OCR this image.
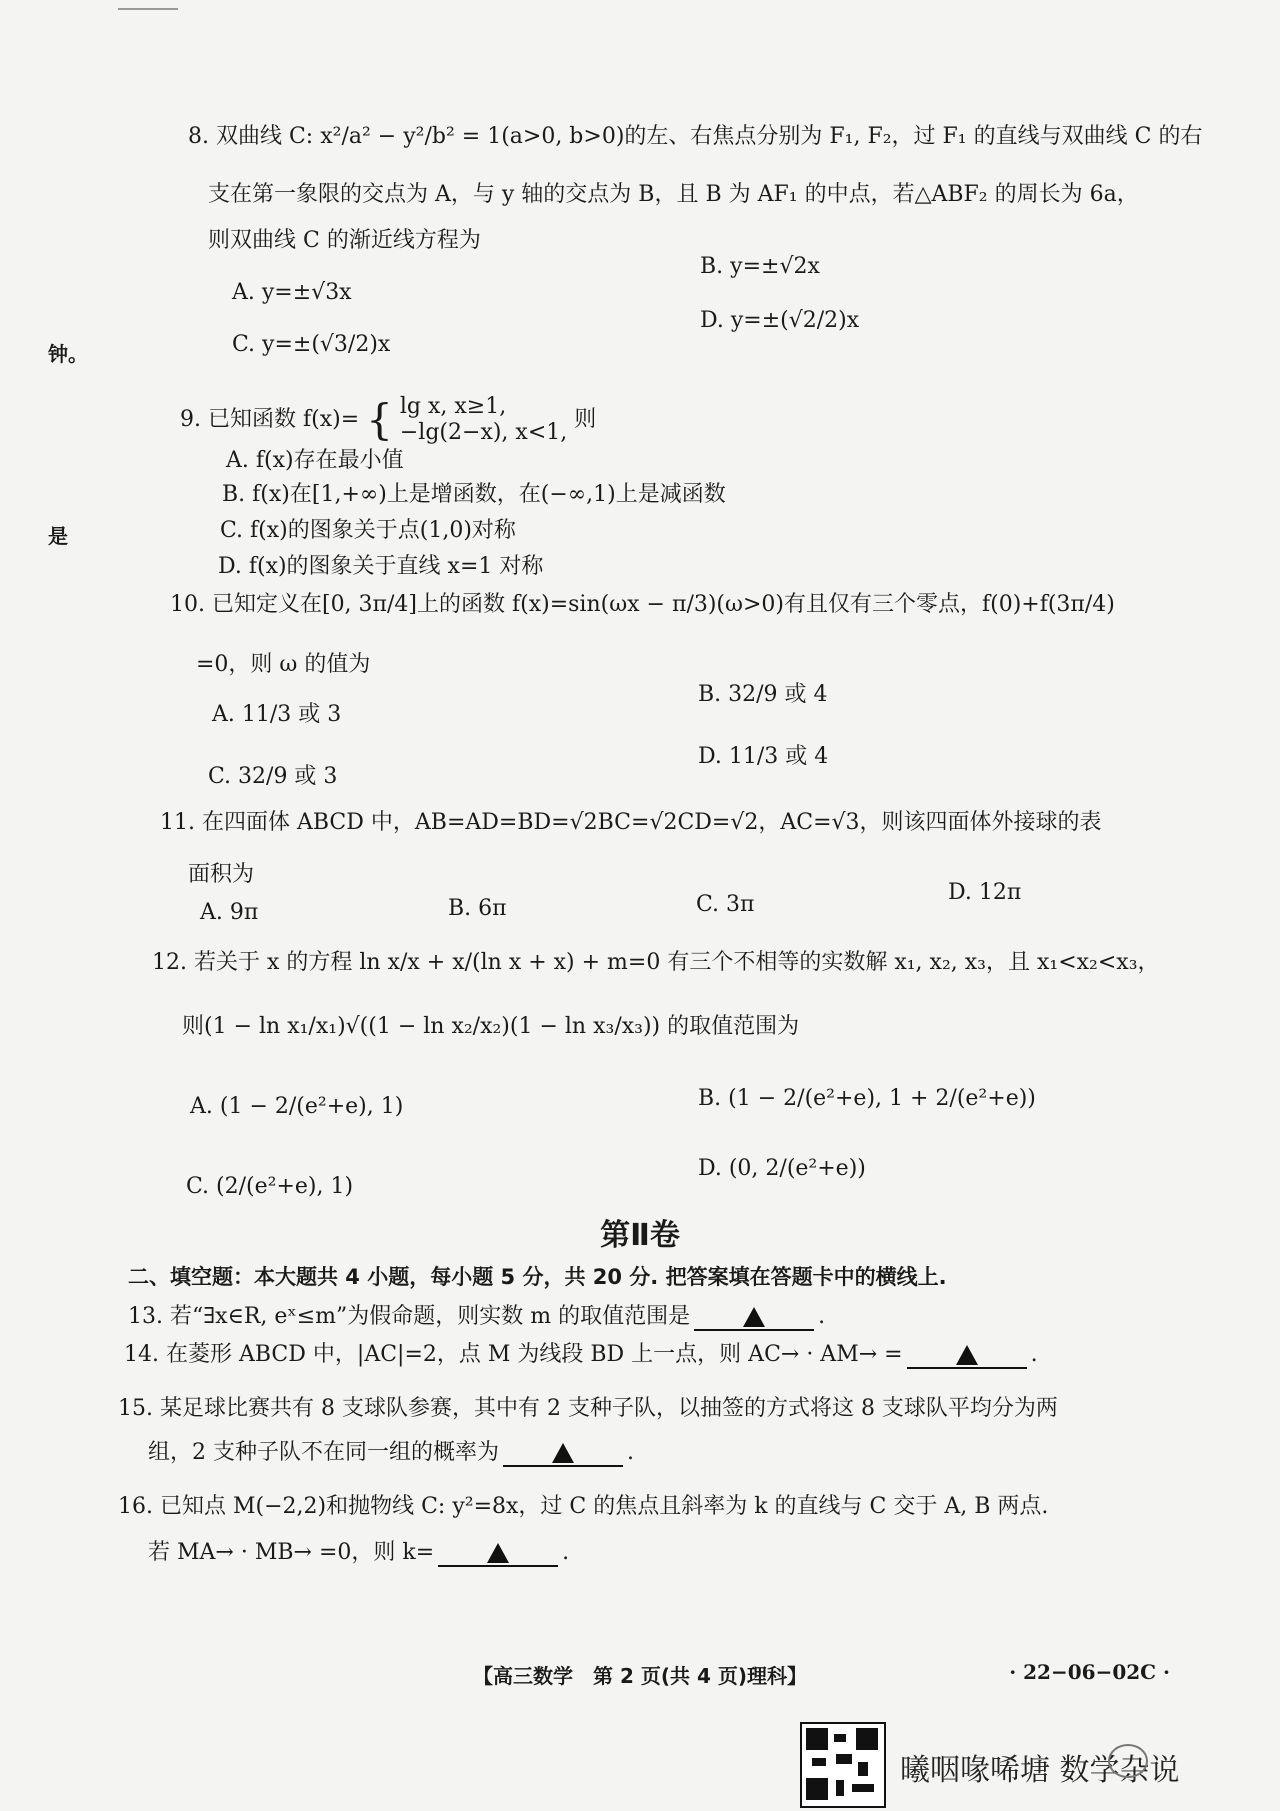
钟。
是
8. 双曲线 C: x²/a² − y²/b² = 1(a>0, b>0)的左、右焦点分别为 F₁, F₂，过 F₁ 的直线与双曲线 C 的右
支在第一象限的交点为 A，与 y 轴的交点为 B，且 B 为 AF₁ 的中点，若△ABF₂ 的周长为 6a，
则双曲线 C 的渐近线方程为
A. y=±√3x
B. y=±√2x
C. y=±(√3/2)x
D. y=±(√2/2)x
9. 已知函数 f(x)= { lg x, x≥1,
−lg(2−x), x<1,
则
A. f(x)存在最小值
B. f(x)在[1,+∞)上是增函数，在(−∞,1)上是减函数
C. f(x)的图象关于点(1,0)对称
D. f(x)的图象关于直线 x=1 对称
10. 已知定义在[0, 3π/4]上的函数 f(x)=sin(ωx − π/3)(ω>0)有且仅有三个零点，f(0)+f(3π/4)
=0，则 ω 的值为
A. 11/3 或 3
B. 32/9 或 4
C. 32/9 或 3
D. 11/3 或 4
11. 在四面体 ABCD 中，AB=AD=BD=√2BC=√2CD=√2，AC=√3，则该四面体外接球的表
面积为
A. 9π	B. 6π	C. 3π	D. 12π
12. 若关于 x 的方程 ln x/x + x/(ln x + x) + m=0 有三个不相等的实数解 x₁, x₂, x₃，且 x₁<x₂<x₃，
则(1 − ln x₁/x₁)√((1 − ln x₂/x₂)(1 − ln x₃/x₃)) 的取值范围为
A. (1 − 2/(e²+e), 1)	B. (1 − 2/(e²+e), 1 + 2/(e²+e))
C. (2/(e²+e), 1)
D. (0, 2/(e²+e))
第Ⅱ卷
二、填空题：本大题共 4 小题，每小题 5 分，共 20 分. 把答案填在答题卡中的横线上.
13. 若“∃x∈R, eˣ≤m”为假命题，则实数 m 的取值范围是	.
14. 在菱形 ABCD 中，|AC|=2，点 M 为线段 BD 上一点，则 AC→ · AM→ =	.
15. 某足球比赛共有 8 支球队参赛，其中有 2 支种子队，以抽签的方式将这 8 支球队平均分为两
组，2 支种子队不在同一组的概率为	.
16. 已知点 M(−2,2)和抛物线 C: y²=8x，过 C 的焦点且斜率为 k 的直线与 C 交于 A, B 两点.
若 MA→ · MB→ =0，则 k=	.
【高三数学　第 2 页(共 4 页)理科】	· 22−06−02C ·
曦咽喙唏塘 数学杂说
